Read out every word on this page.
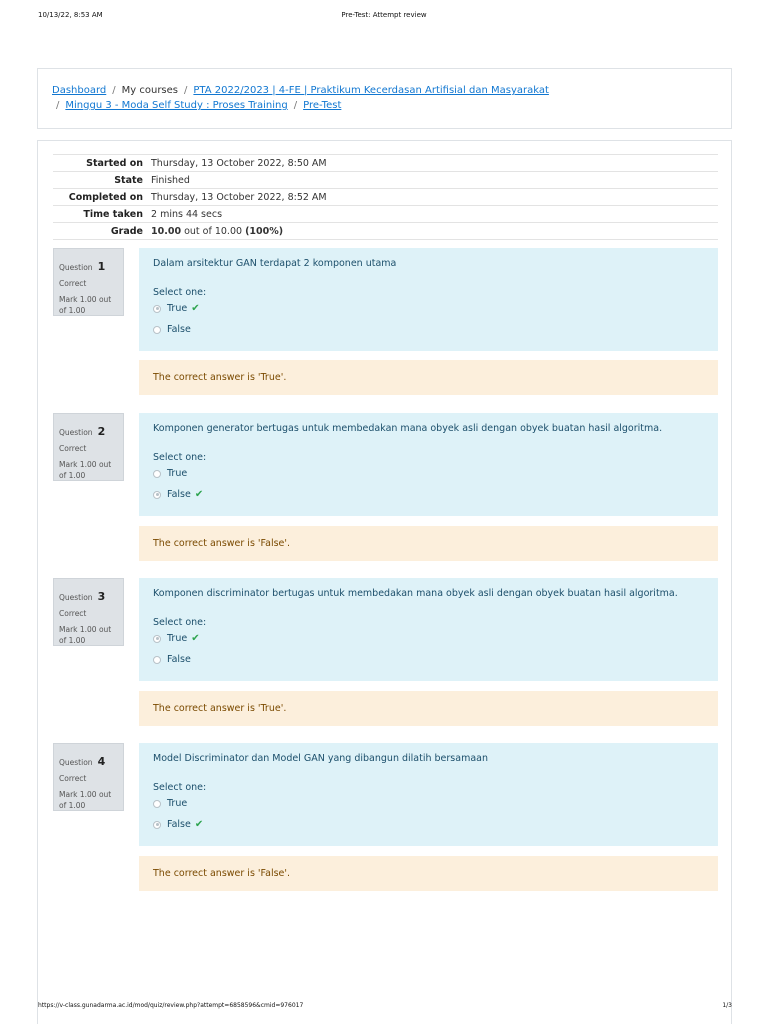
10/13/22, 8:53 AM	Pre-Test: Attempt review
Dashboard / My courses / PTA 2022/2023 | 4-FE | Praktikum Kecerdasan Artifisial dan Masyarakat
/ Minggu 3 - Moda Self Study : Proses Training / Pre-Test
Started on	Thursday, 13 October 2022, 8:50 AM
State	Finished
Completed on	Thursday, 13 October 2022, 8:52 AM
Time taken	2 mins 44 secs
Grade	10.00 out of 10.00 (100%)
Question 1
Correct
Mark 1.00 out of 1.00
Dalam arsitektur GAN terdapat 2 komponen utama
Select one:
True ✔
False
The correct answer is 'True'.
Question 2
Correct
Mark 1.00 out of 1.00
Komponen generator bertugas untuk membedakan mana obyek asli dengan obyek buatan hasil algoritma.
Select one:
True
False ✔
The correct answer is 'False'.
Question 3
Correct
Mark 1.00 out of 1.00
Komponen discriminator bertugas untuk membedakan mana obyek asli dengan obyek buatan hasil algoritma.
Select one:
True ✔
False
The correct answer is 'True'.
Question 4
Correct
Mark 1.00 out of 1.00
Model Discriminator dan Model GAN yang dibangun dilatih bersamaan
Select one:
True
False ✔
The correct answer is 'False'.
https://v-class.gunadarma.ac.id/mod/quiz/review.php?attempt=6858596&cmid=976017	1/3
